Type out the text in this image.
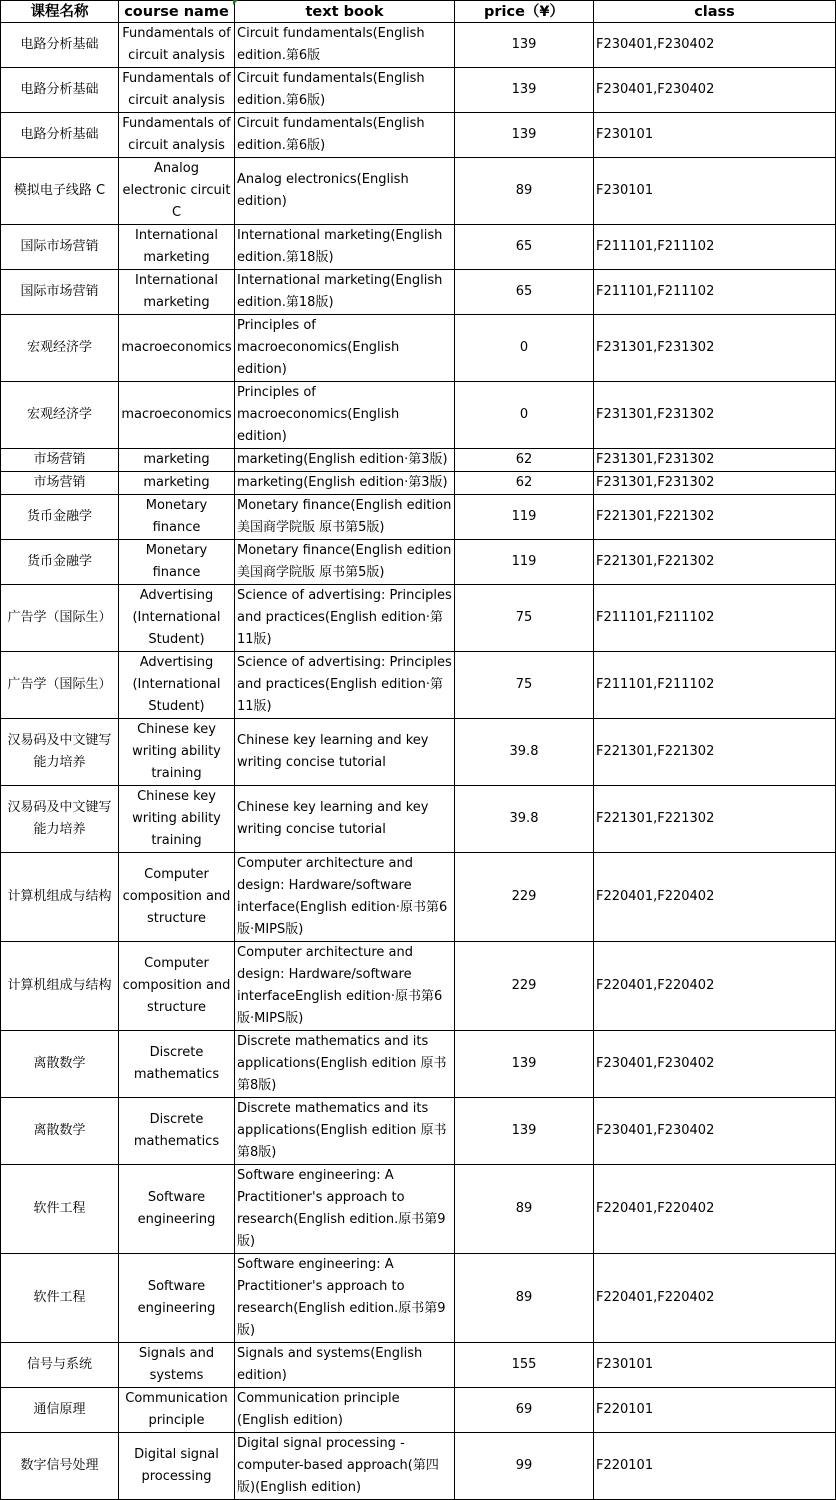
课程名称	course name	text book	price（¥）	class
电路分析基础	Fundamentals of circuit analysis	Circuit fundamentals(English edition.第6版	139	F230401,F230402
电路分析基础	Fundamentals of circuit analysis	Circuit fundamentals(English edition.第6版)	139	F230401,F230402
电路分析基础	Fundamentals of circuit analysis	Circuit fundamentals(English edition.第6版)	139	F230101
模拟电子线路 C	Analog electronic circuit C	Analog electronics(English edition)	89	F230101
国际市场营销	International marketing	International marketing(English edition.第18版)	65	F211101,F211102
国际市场营销	International marketing	International marketing(English edition.第18版)	65	F211101,F211102
宏观经济学	macroeconomics	Principles of macroeconomics(English edition)	0	F231301,F231302
宏观经济学	macroeconomics	Principles of macroeconomics(English edition)	0	F231301,F231302
市场营销	marketing	marketing(English edition·第3版)	62	F231301,F231302
市场营销	marketing	marketing(English edition·第3版)	62	F231301,F231302
货币金融学	Monetary finance	Monetary finance(English edition 美国商学院版 原书第5版)	119	F221301,F221302
货币金融学	Monetary finance	Monetary finance(English edition 美国商学院版 原书第5版)	119	F221301,F221302
广告学（国际生）	Advertising (International Student)	Science of advertising: Principles and practices(English edition·第11版)	75	F211101,F211102
广告学（国际生）	Advertising (International Student)	Science of advertising: Principles and practices(English edition·第11版)	75	F211101,F211102
汉易码及中文键写能力培养	Chinese key writing ability training	Chinese key learning and key writing concise tutorial	39.8	F221301,F221302
汉易码及中文键写能力培养	Chinese key writing ability training	Chinese key learning and key writing concise tutorial	39.8	F221301,F221302
计算机组成与结构	Computer composition and structure	Computer architecture and design: Hardware/software interface(English edition·原书第6版·MIPS版)	229	F220401,F220402
计算机组成与结构	Computer composition and structure	Computer architecture and design: Hardware/software interfaceEnglish edition·原书第6版·MIPS版)	229	F220401,F220402
离散数学	Discrete mathematics	Discrete mathematics and its applications(English edition 原书第8版)	139	F230401,F230402
离散数学	Discrete mathematics	Discrete mathematics and its applications(English edition 原书第8版)	139	F230401,F230402
软件工程	Software engineering	Software engineering: A Practitioner's approach to research(English edition.原书第9版)	89	F220401,F220402
软件工程	Software engineering	Software engineering: A Practitioner's approach to research(English edition.原书第9版)	89	F220401,F220402
信号与系统	Signals and systems	Signals and systems(English edition)	155	F230101
通信原理	Communication principle	Communication principle (English edition)	69	F220101
数字信号处理	Digital signal processing	Digital signal processing - computer-based approach(第四版)(English edition)	99	F220101
